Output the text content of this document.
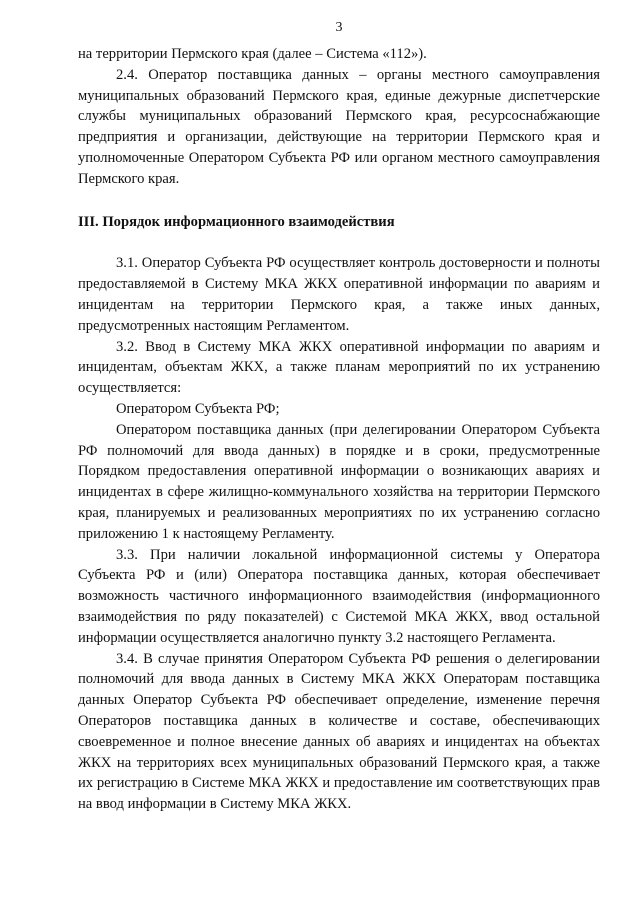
3

на территории Пермского края (далее – Система «112»).

2.4. Оператор поставщика данных – органы местного самоуправления муниципальных образований Пермского края, единые дежурные диспетчерские службы муниципальных образований Пермского края, ресурсоснабжающие предприятия и организации, действующие на территории Пермского края и уполномоченные Оператором Субъекта РФ или органом местного самоуправления Пермского края.

III. Порядок информационного взаимодействия

3.1. Оператор Субъекта РФ осуществляет контроль достоверности и полноты предоставляемой в Систему МКА ЖКХ оперативной информации по авариям и инцидентам на территории Пермского края, а также иных данных, предусмотренных настоящим Регламентом.

3.2. Ввод в Систему МКА ЖКХ оперативной информации по авариям и инцидентам, объектам ЖКХ, а также планам мероприятий по их устранению осуществляется:

Оператором Субъекта РФ;

Оператором поставщика данных (при делегировании Оператором Субъекта РФ полномочий для ввода данных) в порядке и в сроки, предусмотренные Порядком предоставления оперативной информации о возникающих авариях и инцидентах в сфере жилищно-коммунального хозяйства на территории Пермского края, планируемых и реализованных мероприятиях по их устранению согласно приложению 1 к настоящему Регламенту.

3.3. При наличии локальной информационной системы у Оператора Субъекта РФ и (или) Оператора поставщика данных, которая обеспечивает возможность частичного информационного взаимодействия (информационного взаимодействия по ряду показателей) с Системой МКА ЖКХ, ввод остальной информации осуществляется аналогично пункту 3.2 настоящего Регламента.

3.4. В случае принятия Оператором Субъекта РФ решения о делегировании полномочий для ввода данных в Систему МКА ЖКХ Операторам поставщика данных Оператор Субъекта РФ обеспечивает определение, изменение перечня Операторов поставщика данных в количестве и составе, обеспечивающих своевременное и полное внесение данных об авариях и инцидентах на объектах ЖКХ на территориях всех муниципальных образований Пермского края, а также их регистрацию в Системе МКА ЖКХ и предоставление им соответствующих прав на ввод информации в Систему МКА ЖКХ.
